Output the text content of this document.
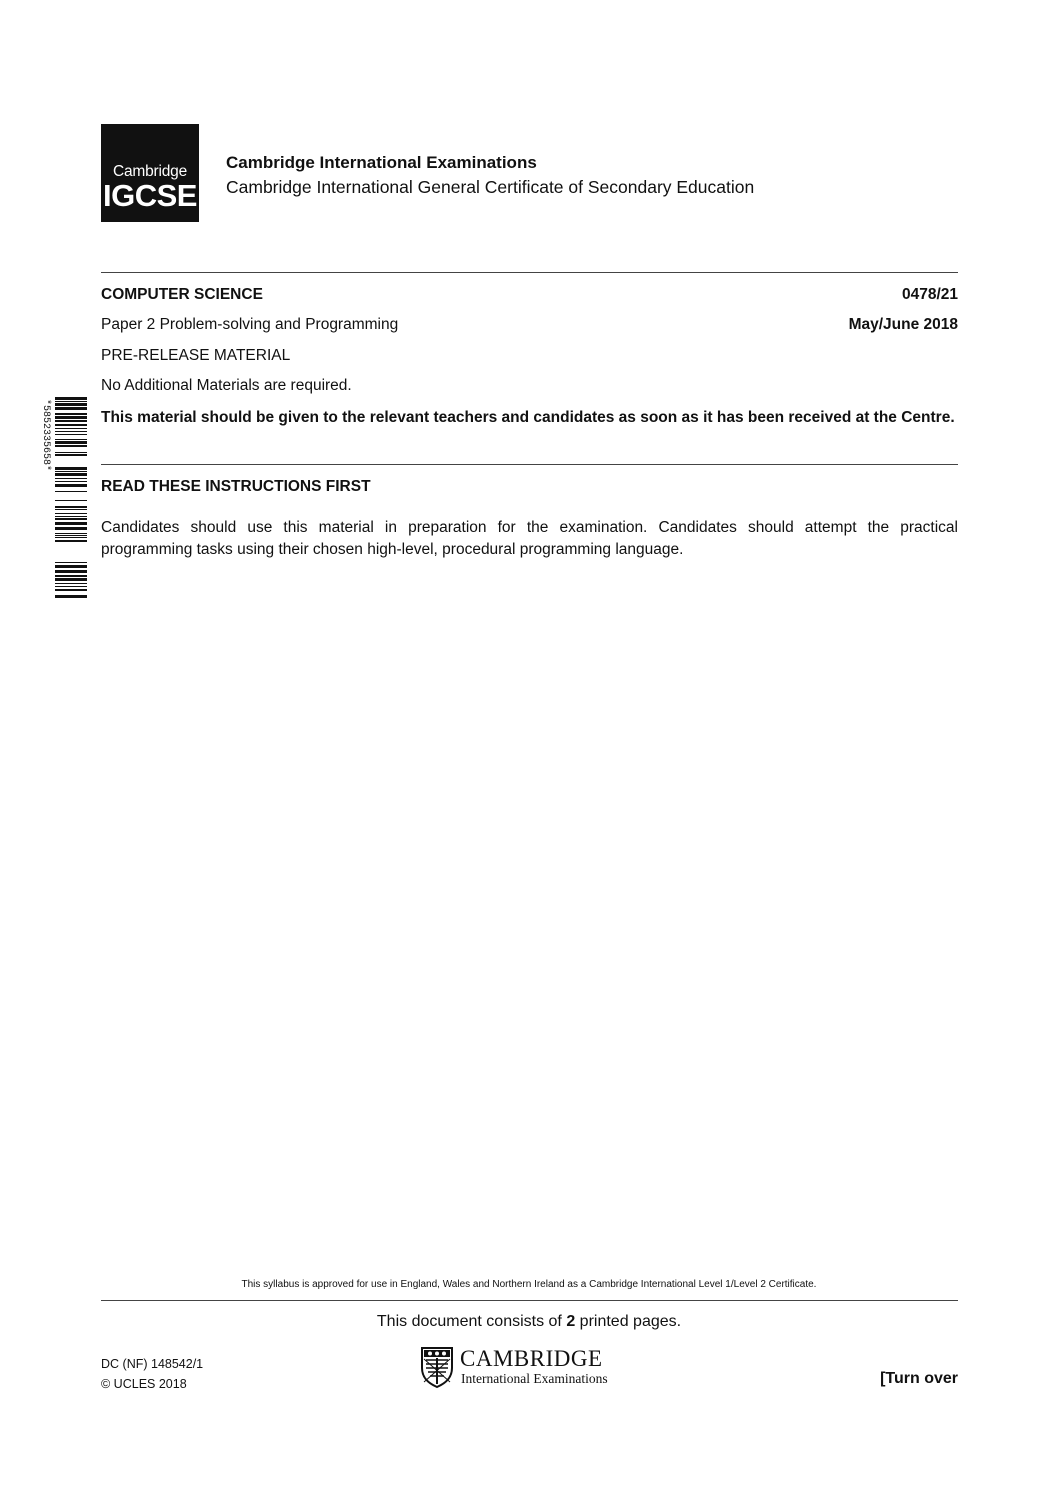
Cambridge
IGCSE
Cambridge International Examinations
Cambridge International General Certificate of Secondary Education
COMPUTER SCIENCE	0478/21
Paper 2 Problem-solving and Programming	May/June 2018
PRE-RELEASE MATERIAL
No Additional Materials are required.
This material should be given to the relevant teachers and candidates as soon as it has been received at the Centre.
READ THESE INSTRUCTIONS FIRST
Candidates should use this material in preparation for the examination. Candidates should attempt the practical programming tasks using their chosen high-level, procedural programming language.
*5852335658*
This syllabus is approved for use in England, Wales and Northern Ireland as a Cambridge International Level 1/Level 2 Certificate.
This document consists of 2 printed pages.
DC (NF) 148542/1
© UCLES 2018
CAMBRIDGE
International Examinations	[Turn over
